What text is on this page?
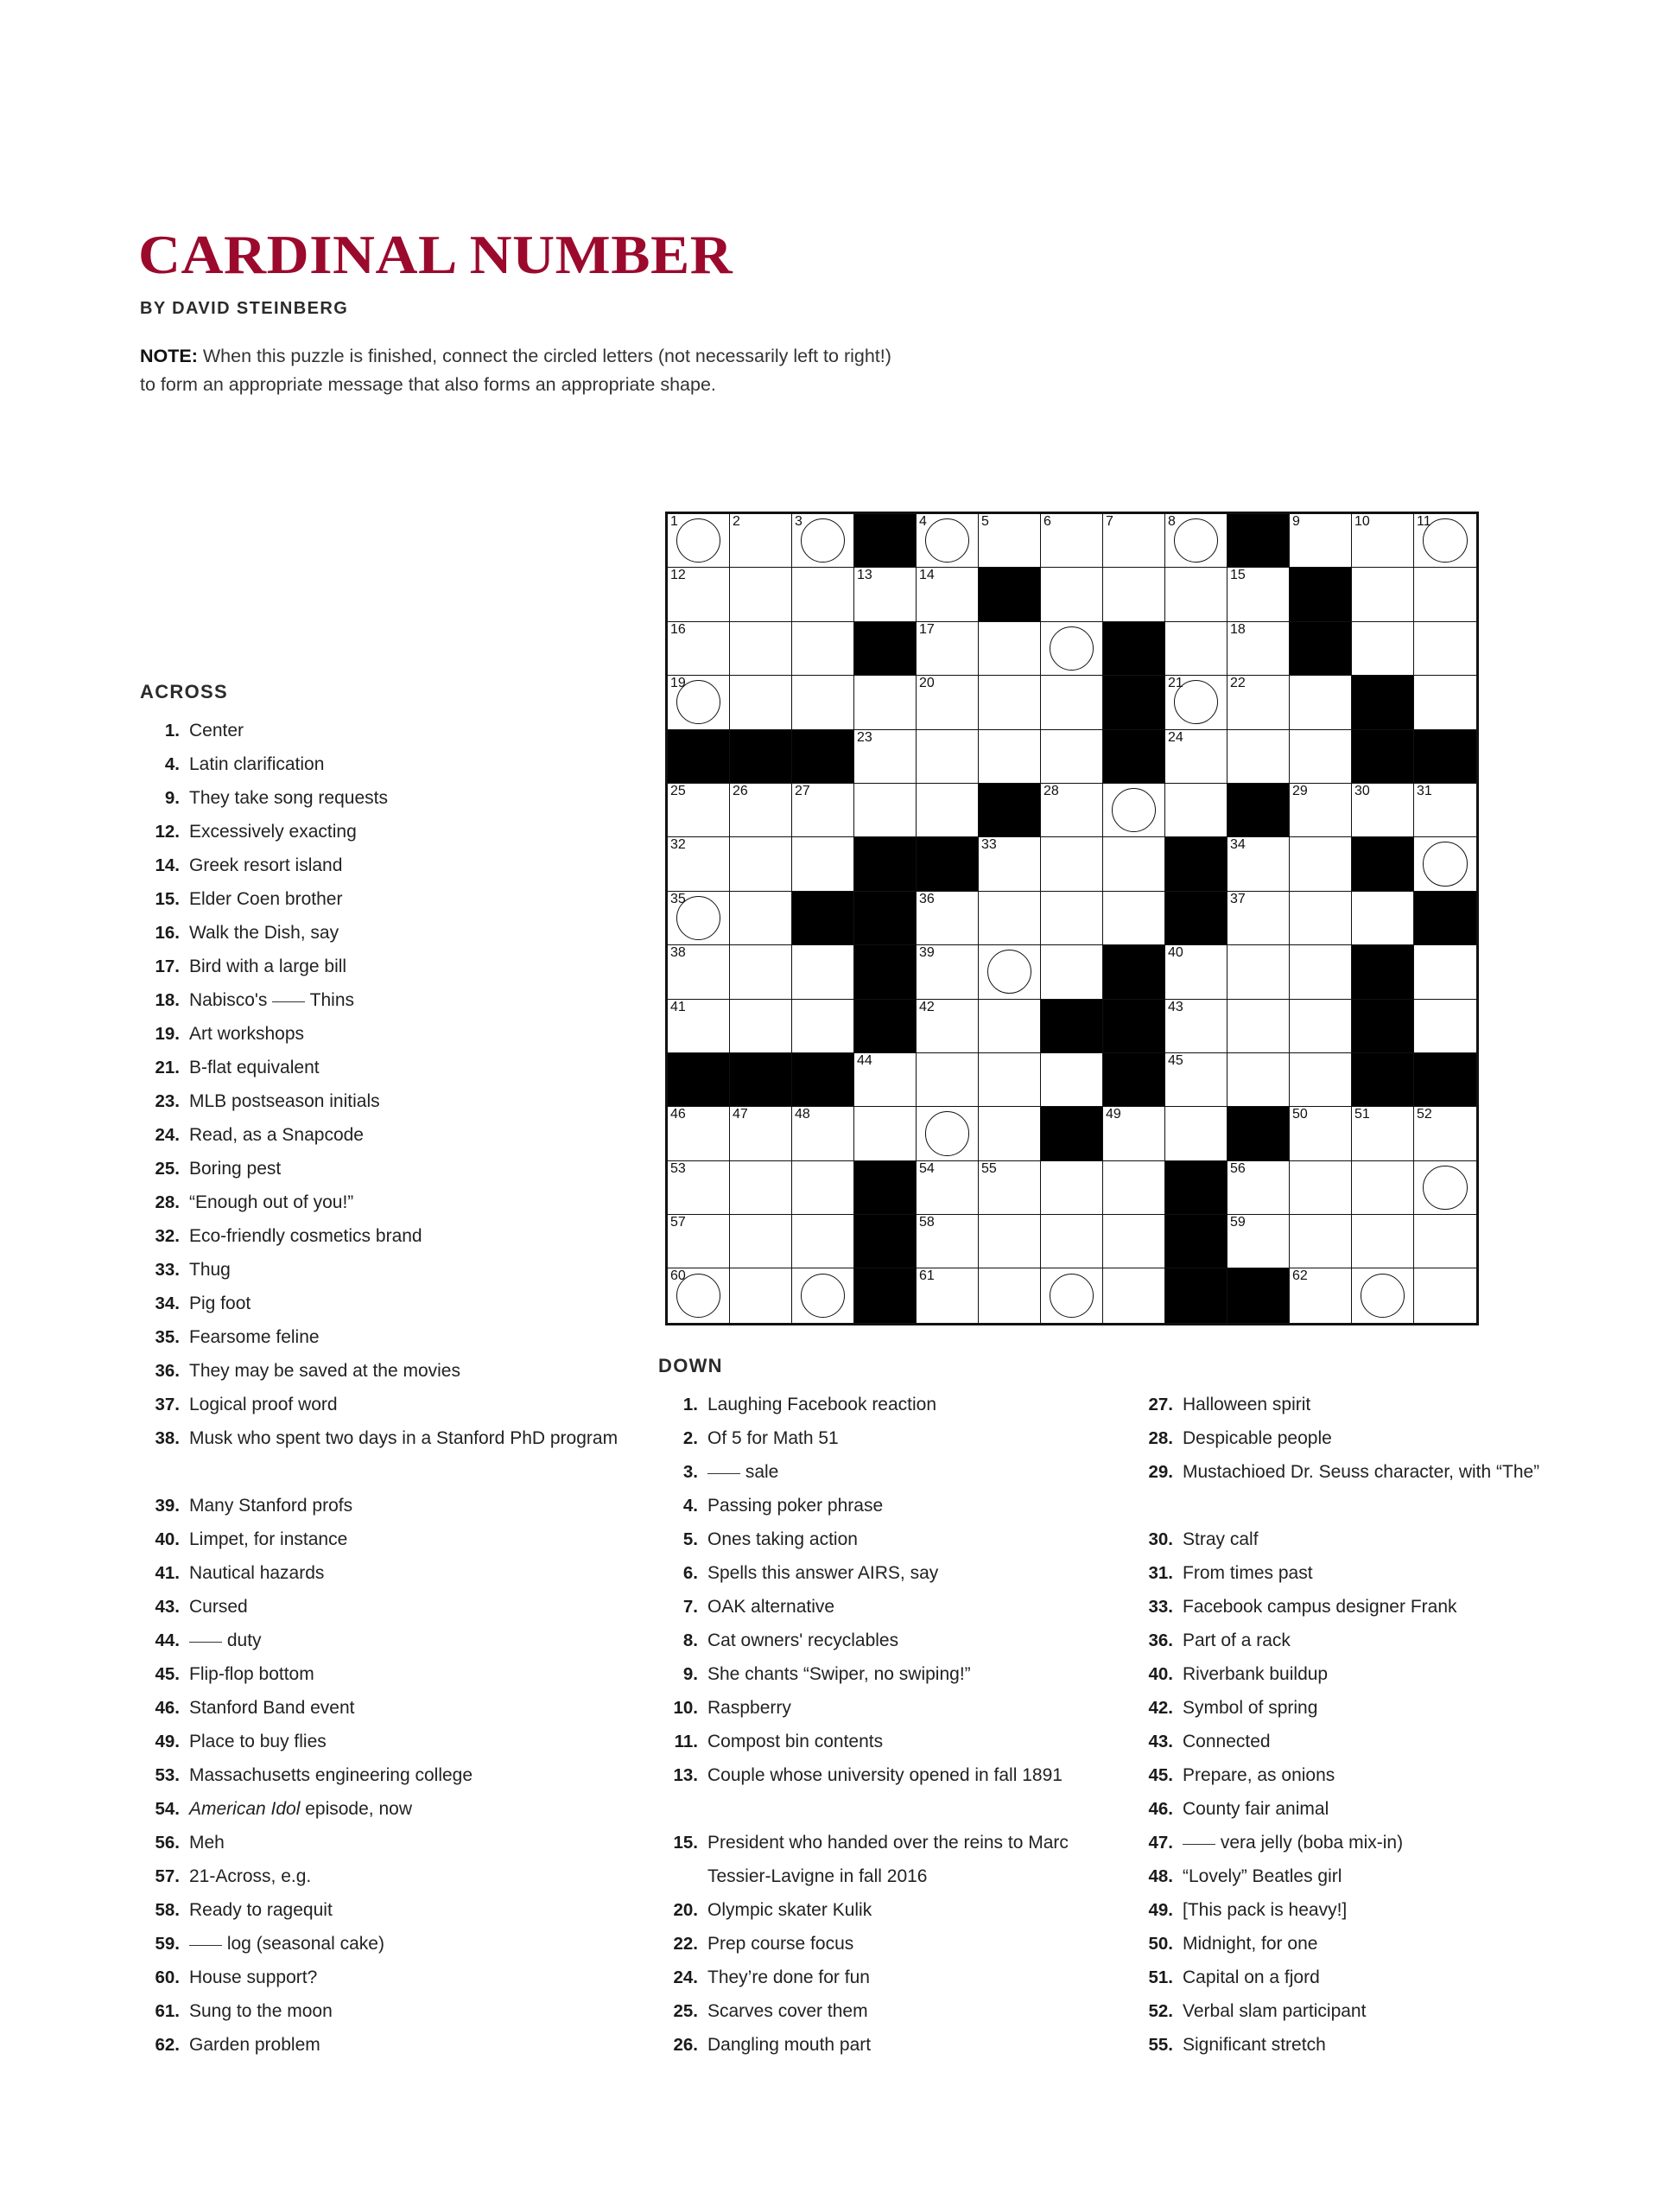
CARDINAL NUMBER
BY DAVID STEINBERG
NOTE: When this puzzle is finished, connect the circled letters (not necessarily left to right!) to form an appropriate message that also forms an appropriate shape.
ACROSS
DOWN
1. Center
4. Latin clarification
9. They take song requests
12. Excessively exacting
14. Greek resort island
15. Elder Coen brother
16. Walk the Dish, say
17. Bird with a large bill
18. Nabisco's  Thins
19. Art workshops
21. B-flat equivalent
23. MLB postseason initials
24. Read, as a Snapcode
25. Boring pest
28. “Enough out of you!”
32. Eco-friendly cosmetics brand
33. Thug
34. Pig foot
35. Fearsome feline
36. They may be saved at the movies
37. Logical proof word
38. Musk who spent two days in a Stanford PhD program
39. Many Stanford profs
40. Limpet, for instance
41. Nautical hazards
43. Cursed
44.	duty
45. Flip-flop bottom
46. Stanford Band event
49. Place to buy flies
53. Massachusetts engineering college
54. American Idol episode, now
56. Meh
57. 21-Across, e.g.
58. Ready to ragequit
59.	log (seasonal cake)
60. House support?
61. Sung to the moon
62. Garden problem
1. Laughing Facebook reaction
2. Of 5 for Math 51
3.	sale
4. Passing poker phrase
5. Ones taking action
6. Spells this answer AIRS, say
7. OAK alternative
8. Cat owners' recyclables
9. She chants “Swiper, no swiping!”
10. Raspberry
11. Compost bin contents
13. Couple whose university opened in fall 1891
15. President who handed over the reins to Marc Tessier-Lavigne in fall 2016
20. Olympic skater Kulik
22. Prep course focus
24. They’re done for fun
25. Scarves cover them
26. Dangling mouth part
27. Halloween spirit
28. Despicable people
29. Mustachioed Dr. Seuss character, with “The”
30. Stray calf
31. From times past
33. Facebook campus designer Frank
36. Part of a rack
40. Riverbank buildup
42. Symbol of spring
43. Connected
45. Prepare, as onions
46. County fair animal
47.	vera jelly (boba mix-in)
48. “Lovely” Beatles girl
49. [This pack is heavy!]
50. Midnight, for one
51. Capital on a fjord
52. Verbal slam participant
55. Significant stretch
1	2	3	4	5	6	7	8	9	10	11
12	13	14	15
16	17	18
19	20	21	22
23	24
25	26	27	28	29	30	31
32	33	34
35	36	37
38	39	40
41	42	43
44	45
46	47	48	49	50	51	52
53	54	55	56
57	58	59
60	61	62
